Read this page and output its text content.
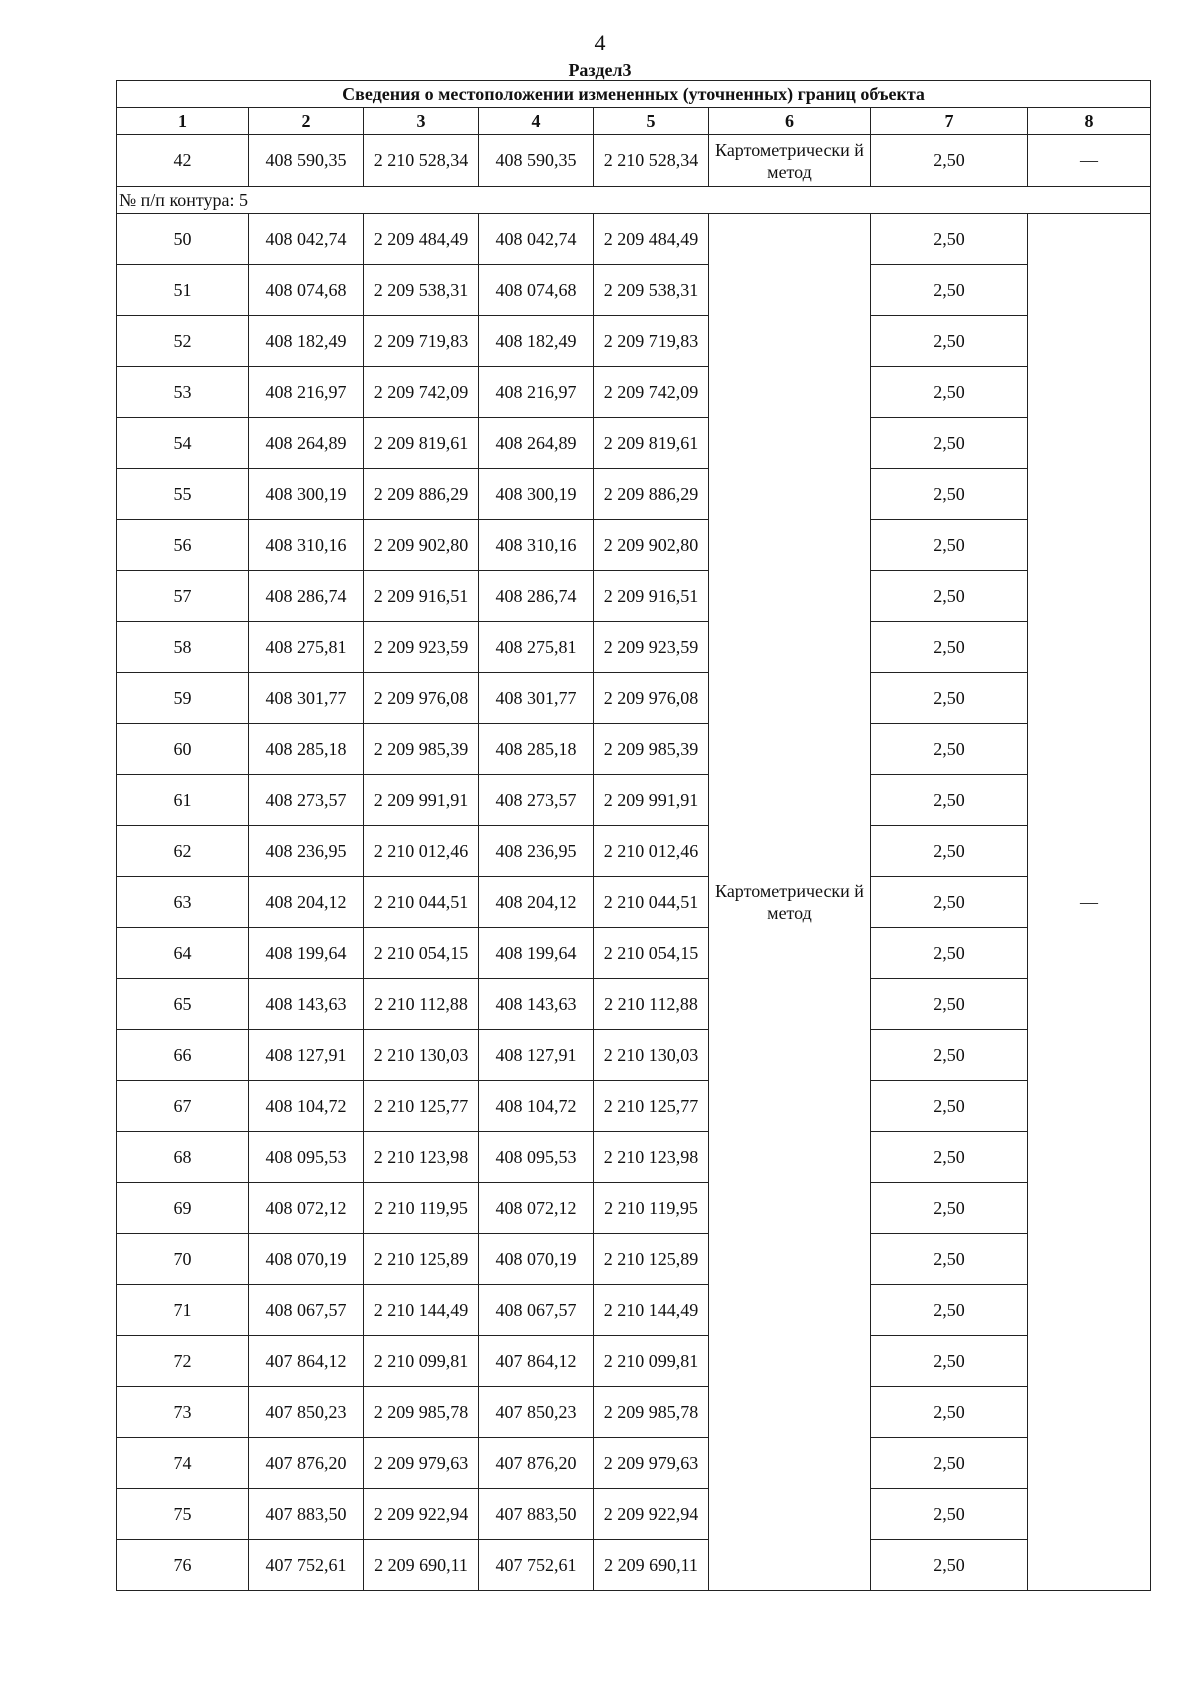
4
Раздел3
Сведения о местоположении измененных (уточненных) границ объекта							
1	2	3	4	5	6	7	8
42	408 590,35	2 210 528,34	408 590,35	2 210 528,34	Картометрически й метод	2,50	—
№ п/п контура: 5							
50	408 042,74	2 209 484,49	408 042,74	2 209 484,49	Картометрически й метод	2,50	—
51	408 074,68	2 209 538,31	408 074,68	2 209 538,31		2,50	
52	408 182,49	2 209 719,83	408 182,49	2 209 719,83		2,50	
53	408 216,97	2 209 742,09	408 216,97	2 209 742,09		2,50	
54	408 264,89	2 209 819,61	408 264,89	2 209 819,61		2,50	
55	408 300,19	2 209 886,29	408 300,19	2 209 886,29		2,50	
56	408 310,16	2 209 902,80	408 310,16	2 209 902,80		2,50	
57	408 286,74	2 209 916,51	408 286,74	2 209 916,51		2,50	
58	408 275,81	2 209 923,59	408 275,81	2 209 923,59		2,50	
59	408 301,77	2 209 976,08	408 301,77	2 209 976,08		2,50	
60	408 285,18	2 209 985,39	408 285,18	2 209 985,39		2,50	
61	408 273,57	2 209 991,91	408 273,57	2 209 991,91		2,50	
62	408 236,95	2 210 012,46	408 236,95	2 210 012,46		2,50	
63	408 204,12	2 210 044,51	408 204,12	2 210 044,51		2,50	
64	408 199,64	2 210 054,15	408 199,64	2 210 054,15		2,50	
65	408 143,63	2 210 112,88	408 143,63	2 210 112,88		2,50	
66	408 127,91	2 210 130,03	408 127,91	2 210 130,03		2,50	
67	408 104,72	2 210 125,77	408 104,72	2 210 125,77		2,50	
68	408 095,53	2 210 123,98	408 095,53	2 210 123,98		2,50	
69	408 072,12	2 210 119,95	408 072,12	2 210 119,95		2,50	
70	408 070,19	2 210 125,89	408 070,19	2 210 125,89		2,50	
71	408 067,57	2 210 144,49	408 067,57	2 210 144,49		2,50	
72	407 864,12	2 210 099,81	407 864,12	2 210 099,81		2,50	
73	407 850,23	2 209 985,78	407 850,23	2 209 985,78		2,50	
74	407 876,20	2 209 979,63	407 876,20	2 209 979,63		2,50	
75	407 883,50	2 209 922,94	407 883,50	2 209 922,94		2,50	
76	407 752,61	2 209 690,11	407 752,61	2 209 690,11		2,50	
